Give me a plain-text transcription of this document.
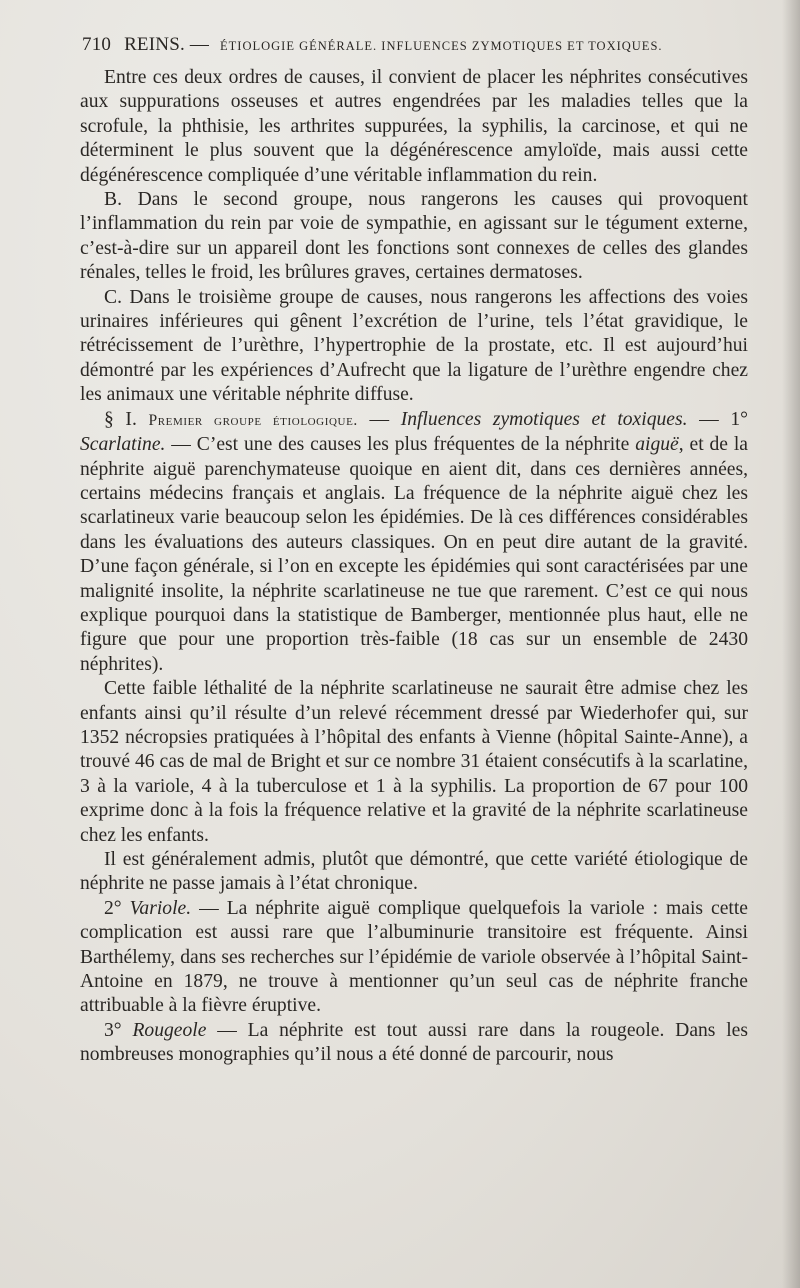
710 REINS. — ÉTIOLOGIE GÉNÉRALE. INFLUENCES ZYMOTIQUES ET TOXIQUES.

Entre ces deux ordres de causes, il convient de placer les néphrites consécutives aux suppurations osseuses et autres engendrées par les maladies telles que la scrofule, la phthisie, les arthrites suppurées, la syphilis, la carcinose, et qui ne déterminent le plus souvent que la dégénérescence amyloïde, mais aussi cette dégénérescence compliquée d’une véritable inflammation du rein.

B. Dans le second groupe, nous rangerons les causes qui provoquent l’inflammation du rein par voie de sympathie, en agissant sur le tégument externe, c’est-à-dire sur un appareil dont les fonctions sont connexes de celles des glandes rénales, telles le froid, les brûlures graves, certaines dermatoses.

C. Dans le troisième groupe de causes, nous rangerons les affections des voies urinaires inférieures qui gênent l’excrétion de l’urine, tels l’état gravidique, le rétrécissement de l’urèthre, l’hypertrophie de la prostate, etc. Il est aujourd’hui démontré par les expériences d’Aufrecht que la ligature de l’urèthre engendre chez les animaux une véritable néphrite diffuse.

§ I. Premier groupe étiologique. — Influences zymotiques et toxiques. — 1° Scarlatine. — C’est une des causes les plus fréquentes de la néphrite aiguë, et de la néphrite aiguë parenchymateuse quoique en aient dit, dans ces dernières années, certains médecins français et anglais. La fréquence de la néphrite aiguë chez les scarlatineux varie beaucoup selon les épidémies. De là ces différences considérables dans les évaluations des auteurs classiques. On en peut dire autant de la gravité. D’une façon générale, si l’on en excepte les épidémies qui sont caractérisées par une malignité insolite, la néphrite scarlatineuse ne tue que rarement. C’est ce qui nous explique pourquoi dans la statistique de Bamberger, mentionnée plus haut, elle ne figure que pour une proportion très-faible (18 cas sur un ensemble de 2430 néphrites).

Cette faible léthalité de la néphrite scarlatineuse ne saurait être admise chez les enfants ainsi qu’il résulte d’un relevé récemment dressé par Wiederhofer qui, sur 1352 nécropsies pratiquées à l’hôpital des enfants à Vienne (hôpital Sainte-Anne), a trouvé 46 cas de mal de Bright et sur ce nombre 31 étaient consécutifs à la scarlatine, 3 à la variole, 4 à la tuberculose et 1 à la syphilis. La proportion de 67 pour 100 exprime donc à la fois la fréquence relative et la gravité de la néphrite scarlatineuse chez les enfants.

Il est généralement admis, plutôt que démontré, que cette variété étiologique de néphrite ne passe jamais à l’état chronique.

2° Variole. — La néphrite aiguë complique quelquefois la variole : mais cette complication est aussi rare que l’albuminurie transitoire est fréquente. Ainsi Barthélemy, dans ses recherches sur l’épidémie de variole observée à l’hôpital Saint-Antoine en 1879, ne trouve à mentionner qu’un seul cas de néphrite franche attribuable à la fièvre éruptive.

3° Rougeole — La néphrite est tout aussi rare dans la rougeole. Dans les nombreuses monographies qu’il nous a été donné de parcourir, nous
